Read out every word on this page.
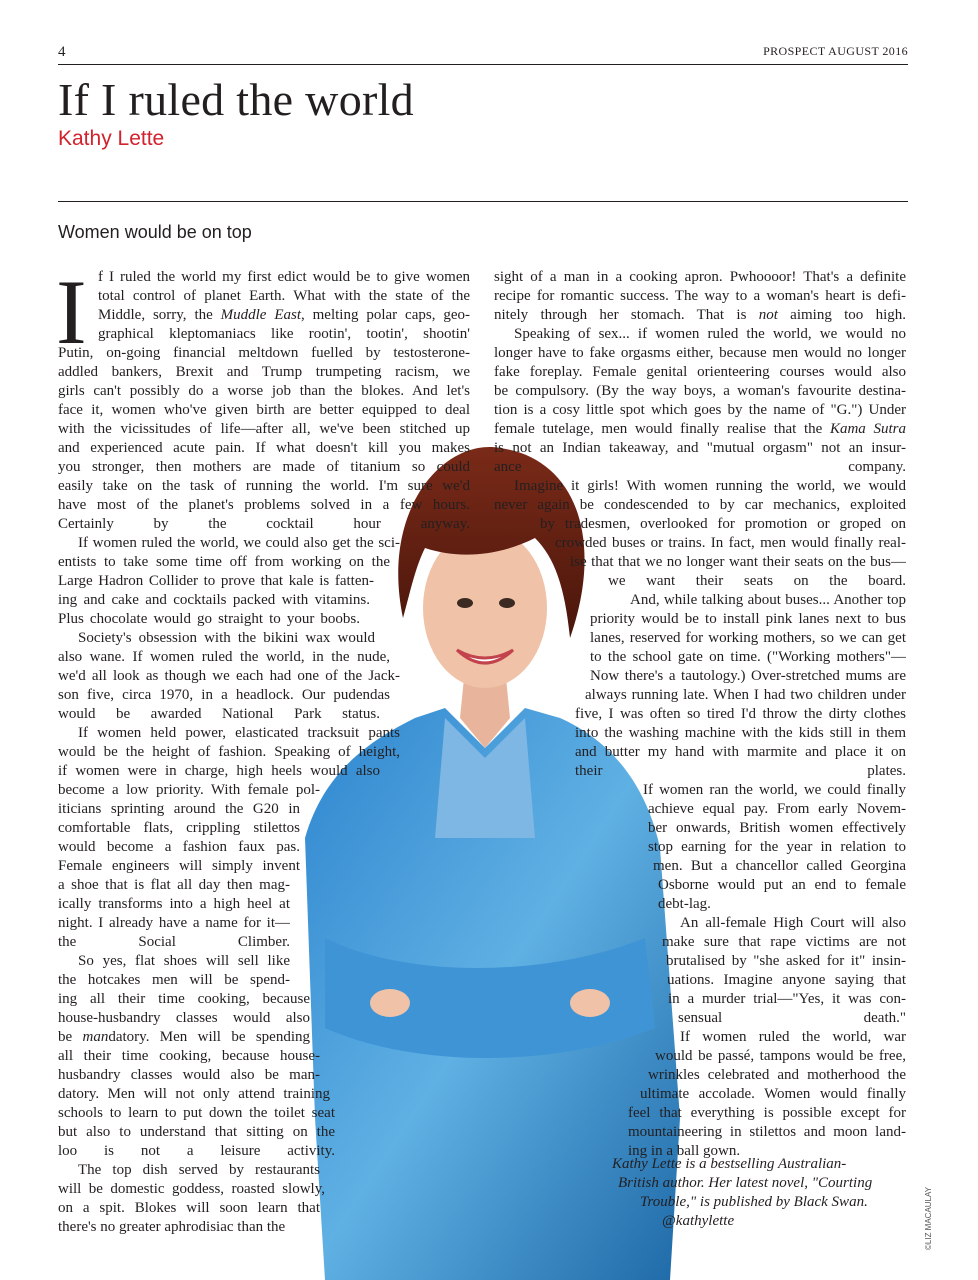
4	PROSPECT AUGUST 2016
If I ruled the world
Kathy Lette
Women would be on top
I f I ruled the world my first edict would be to give women
total control of planet Earth. What with the state of the
Middle, sorry, the Muddle East, melting polar caps, geo-
graphical kleptomaniacs like rootin', tootin', shootin'
Putin, on-going financial meltdown fuelled by testosterone-
addled bankers, Brexit and Trump trumpeting racism, we
girls can't possibly do a worse job than the blokes. And let's
face it, women who've given birth are better equipped to deal
with the vicissitudes of life—after all, we've been stitched up
and experienced acute pain. If what doesn't kill you makes
you stronger, then mothers are made of titanium so could
easily take on the task of running the world. I'm sure we'd
have most of the planet's problems solved in a few hours.
Certainly by the cocktail hour anyway.
If women ruled the world, we could also get the sci-
entists to take some time off from working on the
Large Hadron Collider to prove that kale is fatten-
ing and cake and cocktails packed with vitamins.
Plus chocolate would go straight to your boobs.
Society's obsession with the bikini wax would
also wane. If women ruled the world, in the nude,
we'd all look as though we each had one of the Jack-
son five, circa 1970, in a headlock. Our pudendas
would be awarded National Park status.
If women held power, elasticated tracksuit pants
would be the height of fashion. Speaking of height,
if women were in charge, high heels would also
become a low priority. With female pol-
iticians sprinting around the G20 in
comfortable flats, crippling stilettos
would become a fashion faux pas.
Female engineers will simply invent
a shoe that is flat all day then mag-
ically transforms into a high heel at
night. I already have a name for it—
the Social Climber.
So yes, flat shoes will sell like
the hotcakes men will be spend-
ing all their time cooking, because
house-husbandry classes would also
be mandatory. Men will be spending
all their time cooking, because house-
husbandry classes would also be man-
datory. Men will not only attend training
schools to learn to put down the toilet seat
but also to understand that sitting on the
loo is not a leisure activity.
The top dish served by restaurants
will be domestic goddess, roasted slowly,
on a spit. Blokes will soon learn that
there's no greater aphrodisiac than the
sight of a man in a cooking apron. Pwhoooor! That's a definite
recipe for romantic success. The way to a woman's heart is defi-
nitely through her stomach. That is not aiming too high.
Speaking of sex... if women ruled the world, we would no
longer have to fake orgasms either, because men would no longer
fake foreplay. Female genital orienteering courses would also
be compulsory. (By the way boys, a woman's favourite destina-
tion is a cosy little spot which goes by the name of "G.") Under
female tutelage, men would finally realise that the Kama Sutra
is not an Indian takeaway, and "mutual orgasm" not an insur-
ance company.
Imagine it girls! With women running the world, we would
never again be condescended to by car mechanics, exploited
by tradesmen, overlooked for promotion or groped on
crowded buses or trains. In fact, men would finally real-
ise that that we no longer want their seats on the bus—
we want their seats on the board.
And, while talking about buses... Another top
priority would be to install pink lanes next to bus
lanes, reserved for working mothers, so we can get
to the school gate on time. ("Working mothers"—
Now there's a tautology.) Over-stretched mums are
always running late. When I had two children under
five, I was often so tired I'd throw the dirty clothes
into the washing machine with the kids still in them
and butter my hand with marmite and place it on
their plates.
If women ran the world, we could finally
achieve equal pay. From early Novem-
ber onwards, British women effectively
stop earning for the year in relation to
men. But a chancellor called Georgina
Osborne would put an end to female
debt-lag.
An all-female High Court will also
make sure that rape victims are not
brutalised by "she asked for it" insin-
uations. Imagine anyone saying that
in a murder trial—"Yes, it was con-
sensual death."
If women ruled the world, war
would be passé, tampons would be free,
wrinkles celebrated and motherhood the
ultimate accolade. Women would finally
feel that everything is possible except for
mountaineering in stilettos and moon land-
ing in a ball gown.
Kathy Lette is a bestselling Australian-
British author. Her latest novel, "Courting
Trouble," is published by Black Swan.
@kathylette	©LIZ MACAULAY
